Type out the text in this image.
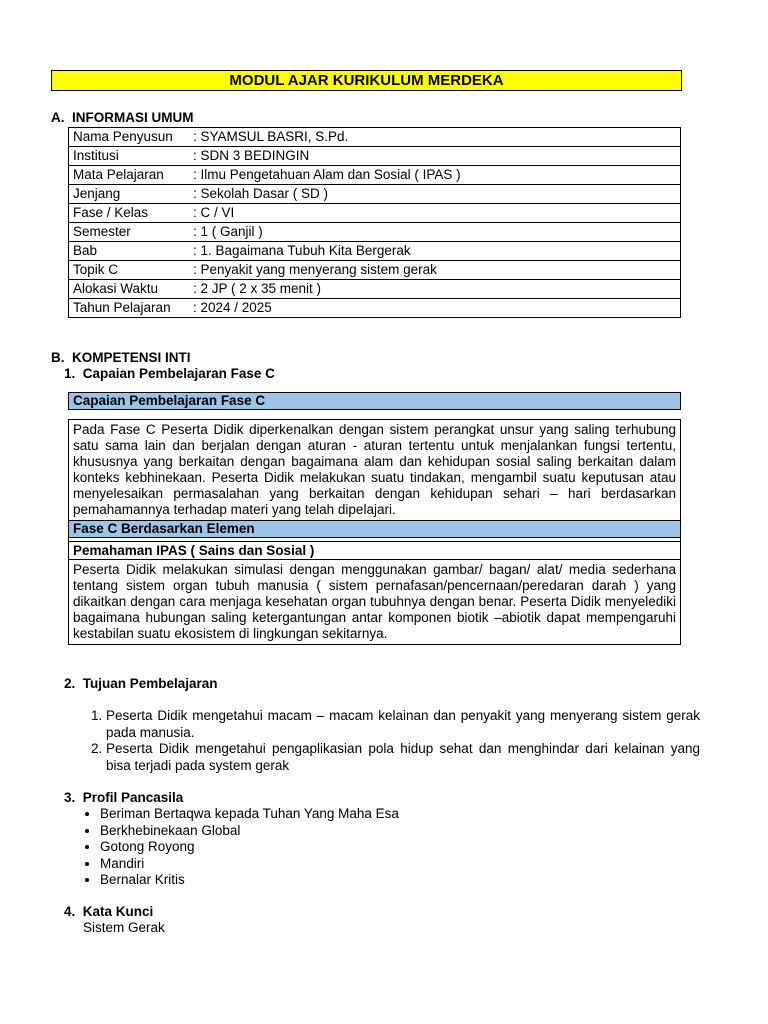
MODUL AJAR KURIKULUM MERDEKA
A.  INFORMASI UMUM
Nama Penyusun	: SYAMSUL BASRI, S.Pd.
Institusi	: SDN 3 BEDINGIN
Mata Pelajaran	: Ilmu Pengetahuan Alam dan Sosial ( IPAS )
Jenjang	: Sekolah Dasar ( SD )
Fase / Kelas	: C / VI
Semester	: 1 ( Ganjil )
Bab	: 1. Bagaimana Tubuh Kita Bergerak
Topik C	: Penyakit yang menyerang sistem gerak
Alokasi Waktu	: 2 JP ( 2 x 35 menit )
Tahun Pelajaran	: 2024 / 2025
B.  KOMPETENSI INTI
1.  Capaian Pembelajaran Fase C
Capaian Pembelajaran Fase C
Pada Fase C Peserta Didik diperkenalkan dengan sistem perangkat unsur yang saling terhubung satu sama lain dan berjalan dengan aturan - aturan tertentu untuk menjalankan fungsi tertentu, khususnya yang berkaitan dengan bagaimana alam dan kehidupan sosial saling berkaitan dalam konteks kebhinekaan. Peserta Didik melakukan suatu tindakan, mengambil suatu keputusan atau menyelesaikan permasalahan yang berkaitan dengan kehidupan sehari – hari berdasarkan pemahamannya terhadap materi yang telah dipelajari.
Fase C Berdasarkan Elemen
Pemahaman IPAS ( Sains dan Sosial )
Peserta Didik melakukan simulasi dengan menggunakan gambar/ bagan/ alat/ media sederhana tentang sistem organ tubuh manusia ( sistem pernafasan/pencernaan/peredaran darah ) yang dikaitkan dengan cara menjaga kesehatan organ tubuhnya dengan benar. Peserta Didik menyelediki bagaimana hubungan saling ketergantungan antar komponen biotik –abiotik dapat mempengaruhi kestabilan suatu ekosistem di lingkungan sekitarnya.
2.  Tujuan Pembelajaran
1. Peserta Didik mengetahui macam – macam kelainan dan penyakit yang menyerang sistem gerak pada manusia.
2. Peserta Didik mengetahui pengaplikasian pola hidup sehat dan menghindar dari kelainan yang bisa terjadi pada system gerak
3.  Profil Pancasila
• Beriman Bertaqwa kepada Tuhan Yang Maha Esa
• Berkhebinekaan Global
• Gotong Royong
• Mandiri
• Bernalar Kritis
4.  Kata Kunci
Sistem Gerak
